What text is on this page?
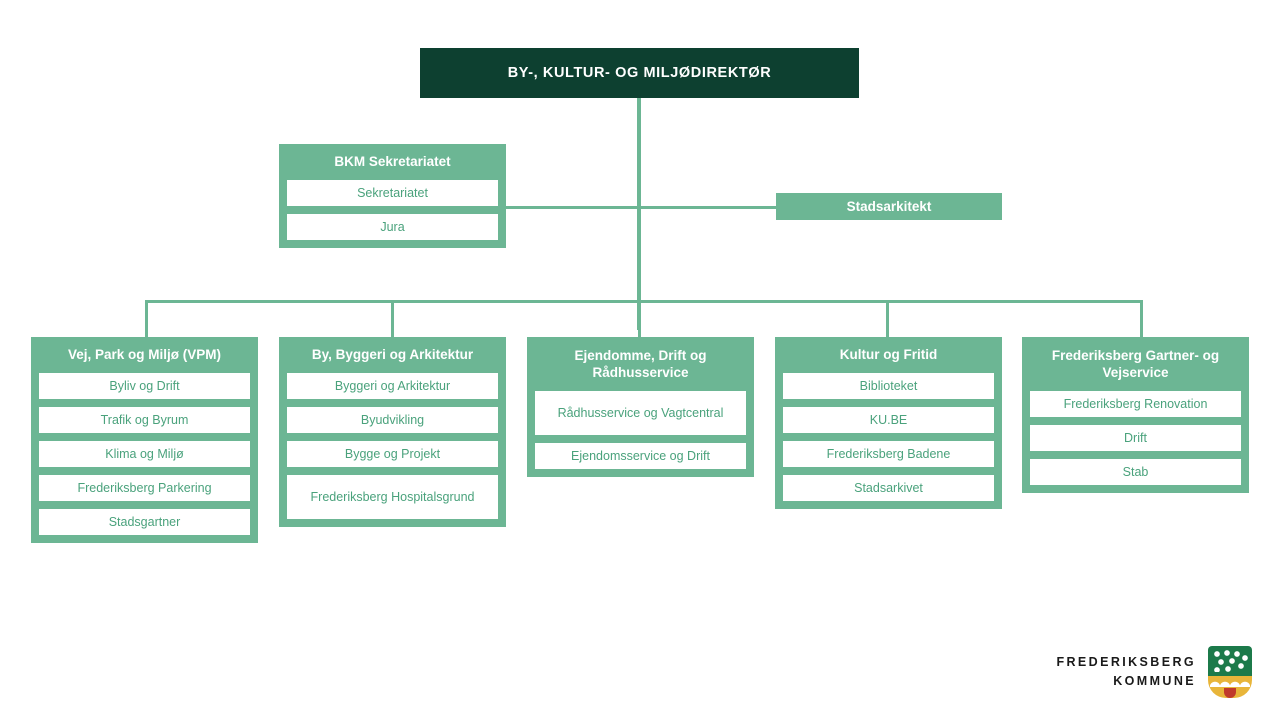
BY-, KULTUR- OG MILJØDIREKTØR
BKM Sekretariatet
Sekretariatet
Jura
Stadsarkitekt
Vej, Park og Miljø (VPM)
Byliv og Drift
Trafik og Byrum
Klima og Miljø
Frederiksberg Parkering
Stadsgartner
By, Byggeri og Arkitektur
Byggeri og Arkitektur
Byudvikling
Bygge og Projekt
Frederiksberg Hospitalsgrund
Ejendomme, Drift og Rådhusservice
Rådhusservice og Vagtcentral
Ejendomsservice og Drift
Kultur og Fritid
Biblioteket
KU.BE
Frederiksberg Badene
Stadsarkivet
Frederiksberg Gartner- og Vejservice
Frederiksberg Renovation
Drift
Stab
FREDERIKSBERG
KOMMUNE
